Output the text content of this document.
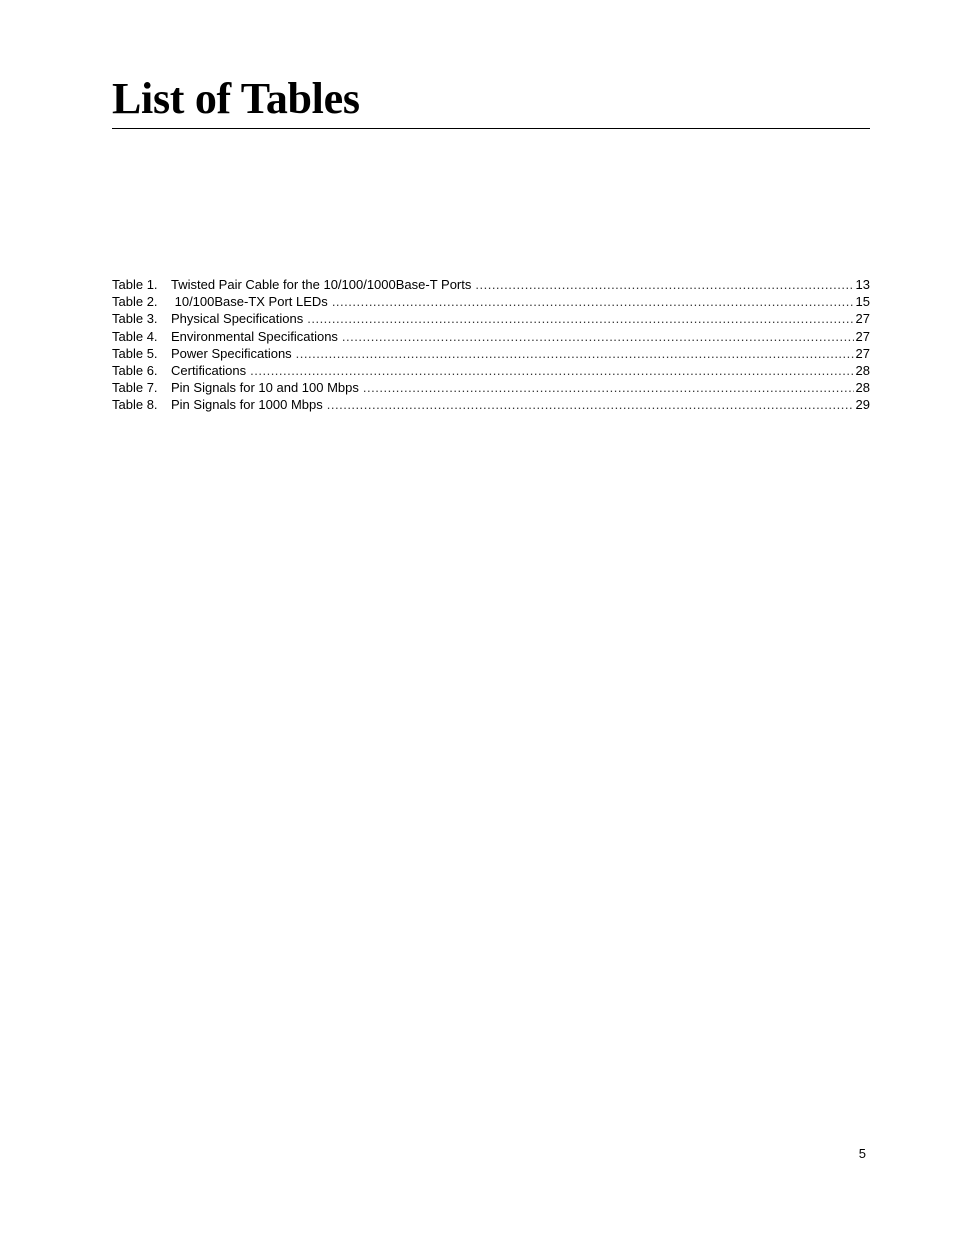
List of Tables
Table 1.	Twisted Pair Cable for the 10/100/1000Base-T Ports .....	13
Table 2.	10/100Base-TX Port LEDs .....	15
Table 3.	Physical Specifications .....	27
Table 4.	Environmental Specifications .....	27
Table 5.	Power Specifications .....	27
Table 6.	Certifications .....	28
Table 7.	Pin Signals for 10 and 100 Mbps .....	28
Table 8.	Pin Signals for 1000 Mbps .....	29
5
